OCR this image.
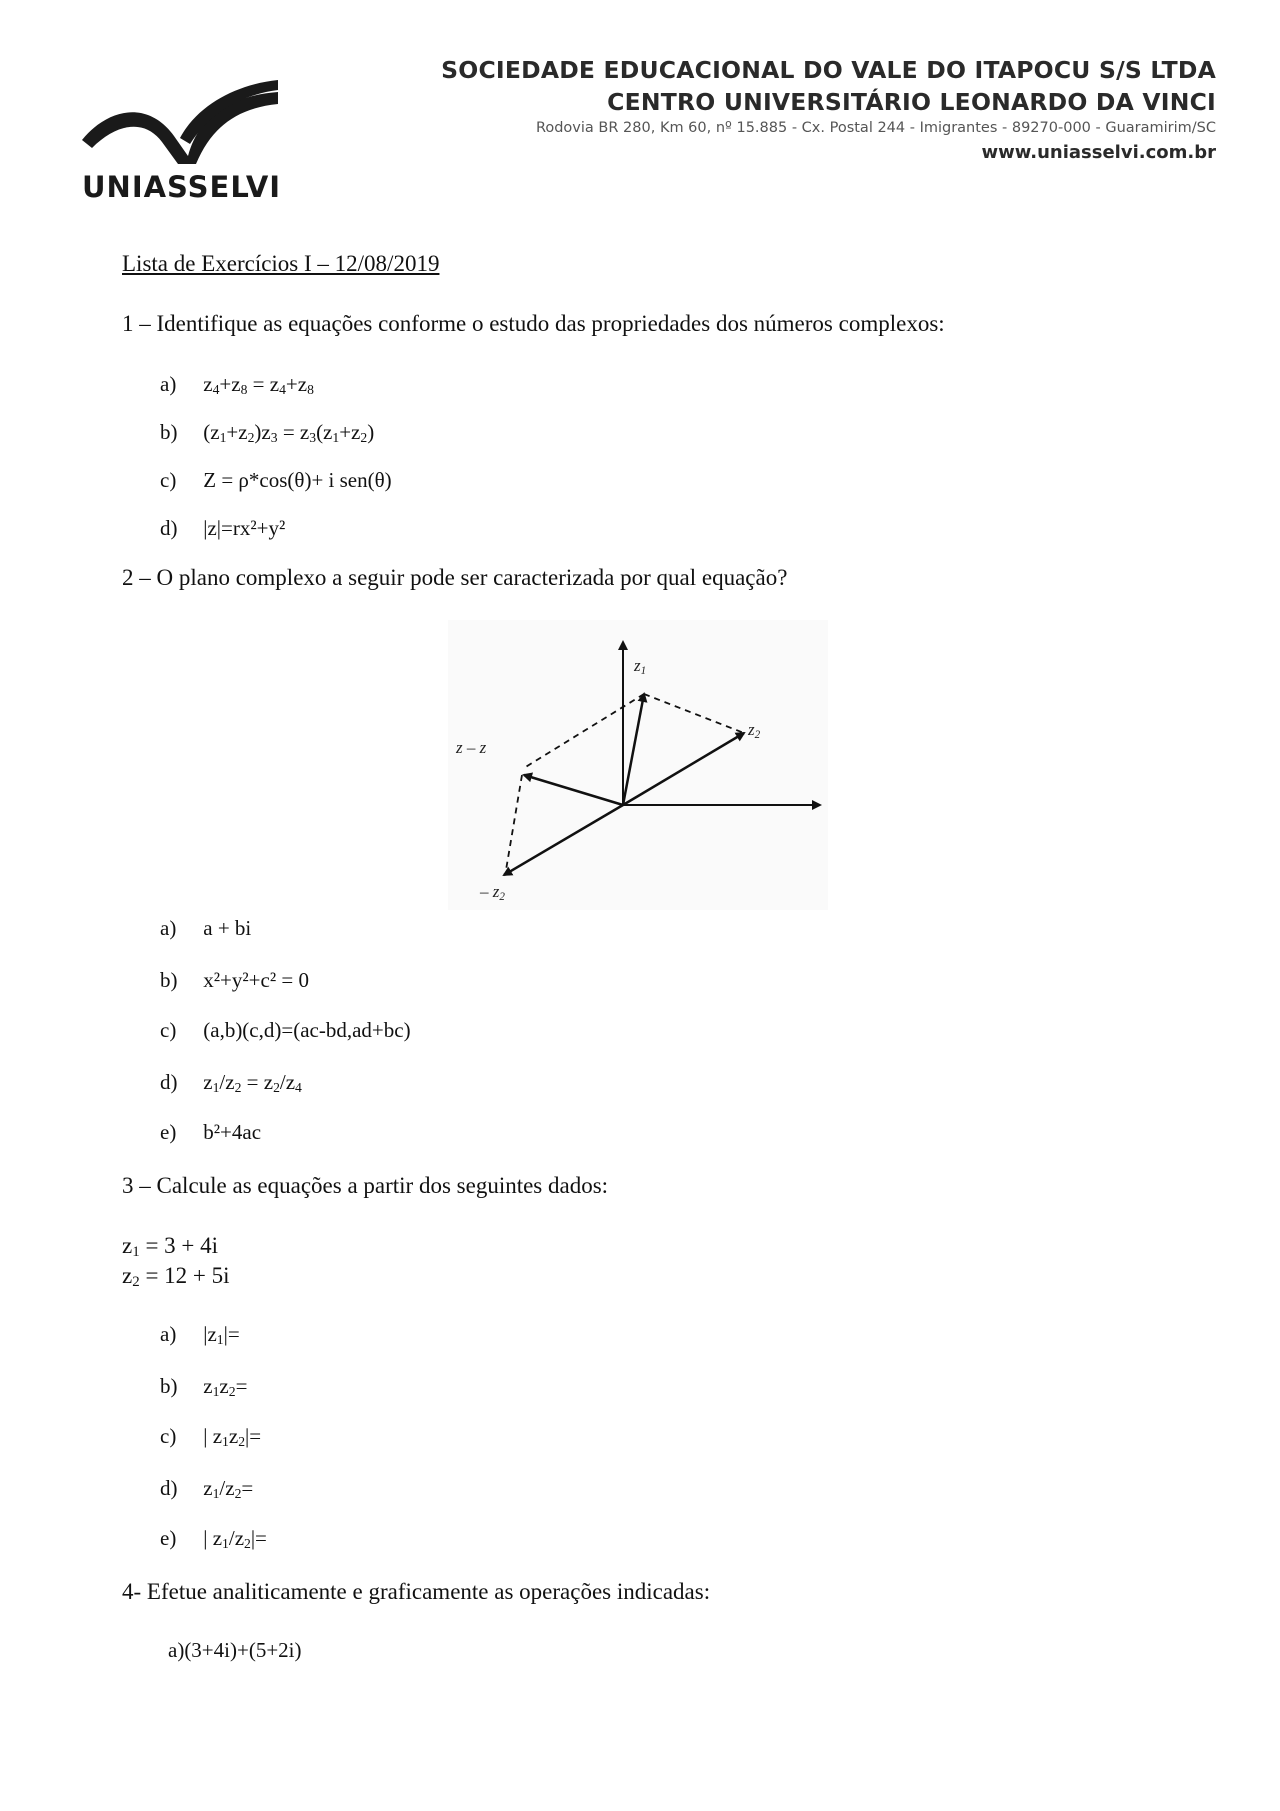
UNIASSELVI
SOCIEDADE EDUCACIONAL DO VALE DO ITAPOCU S/S LTDA
CENTRO UNIVERSITÁRIO LEONARDO DA VINCI
Rodovia BR 280, Km 60, nº 15.885 - Cx. Postal 244 - Imigrantes - 89270-000 - Guaramirim/SC
www.uniasselvi.com.br
Lista de Exercícios I – 12/08/2019
1 – Identifique as equações conforme o estudo das propriedades dos números complexos:
a) $z_4+z_8 = z_4+z_8$
b) $(z_1+z_2)z_3 = z_3(z_1+z_2)$
c) Z = ρ*cos(θ)+ i sen(θ)
d) |z|=rx²+y²
2 – O plano complexo a seguir pode ser caracterizada por qual equação?
$z_1$
$z_2$
z – z
– $z_2$
a) a + bi
b) x²+y²+c² = 0
c) (a,b)(c,d)=(ac-bd,ad+bc)
d) $z_1/z_2 = z_2/z_4$
e) b²+4ac
3 – Calcule as equações a partir dos seguintes dados:
$z_1 = 3 + 4i$
$z_2 = 12 + 5i$
a) $|z_1|=$
b) $z_1z_2=$
c) | $z_1z_2|=$
d) $z_1/z_2=$
e) | $z_1/z_2|=$
4- Efetue analiticamente e graficamente as operações indicadas:
a)(3+4i)+(5+2i)
